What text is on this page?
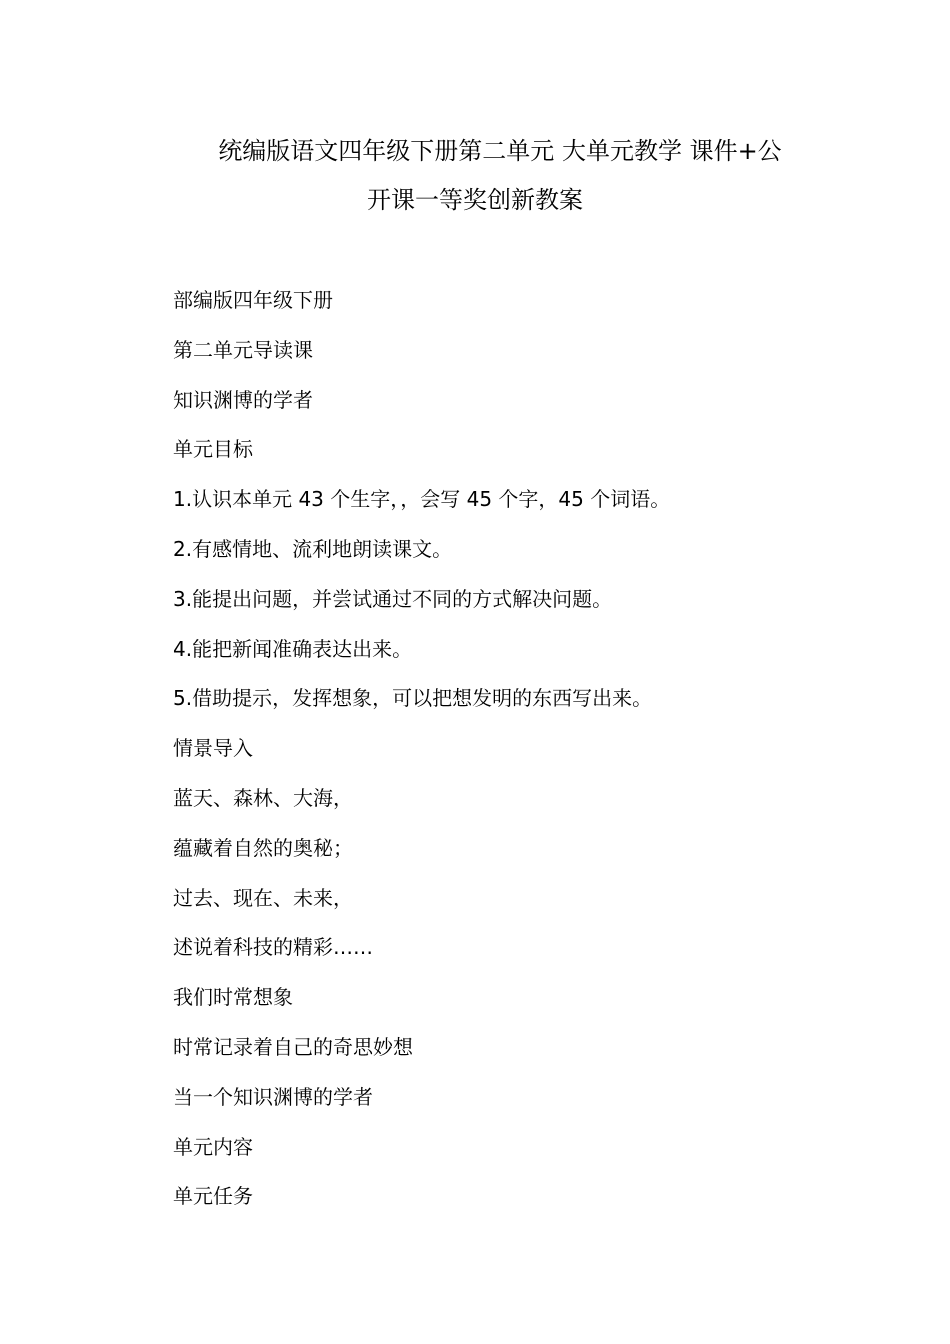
统编版语文四年级下册第二单元 大单元教学 课件+公
开课一等奖创新教案
部编版四年级下册
第二单元导读课
知识渊博的学者
单元目标
1.认识本单元 43 个生字，，会写 45 个字，45 个词语。
2.有感情地、流利地朗读课文。
3.能提出问题，并尝试通过不同的方式解决问题。
4.能把新闻准确表达出来。
5.借助提示，发挥想象，可以把想发明的东西写出来。
情景导入
蓝天、森林、大海，
蕴藏着自然的奥秘；
过去、现在、未来，
述说着科技的精彩……
我们时常想象
时常记录着自己的奇思妙想
当一个知识渊博的学者
单元内容
单元任务
